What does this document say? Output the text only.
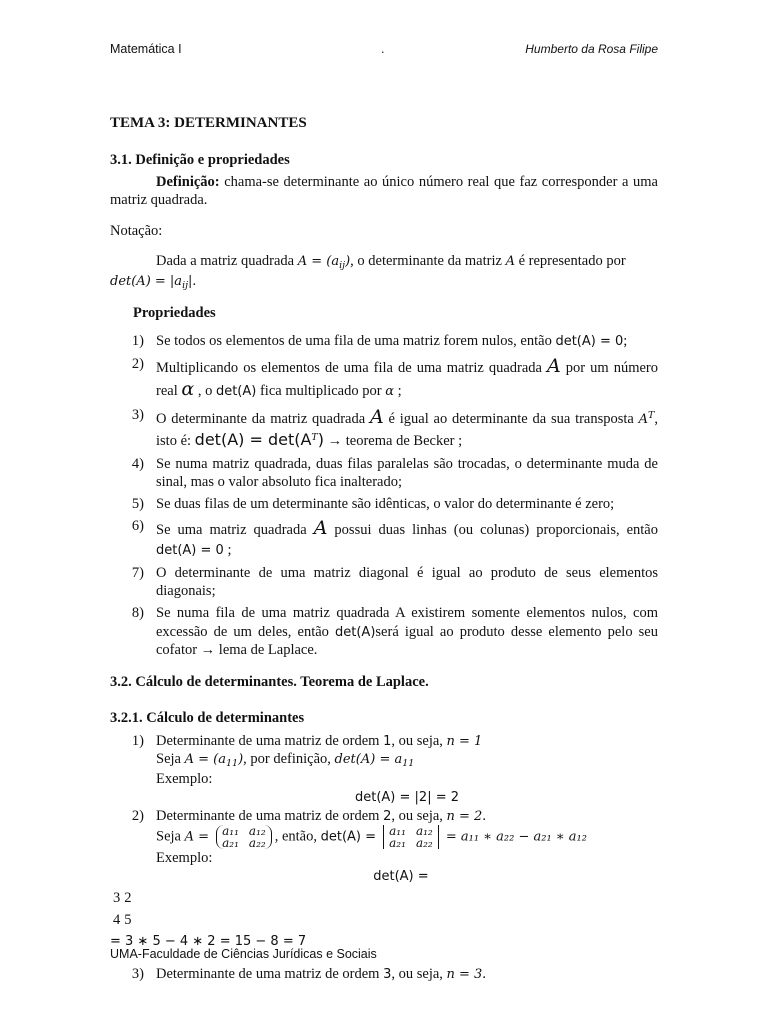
Matemática I	.	Humberto da Rosa Filipe

TEMA 3: DETERMINANTES

3.1. Definição e propriedades

Definição: chama-se determinante ao único número real que faz corresponder a uma matriz quadrada.

Notação:

Dada a matriz quadrada $A = (a_{ij})$, o determinante da matriz A é representado por

$\det(A) = |a_{ij}|$.

Propriedades

1) Se todos os elementos de uma fila de uma matriz forem nulos, então det(A) = 0;
2) Multiplicando os elementos de uma fila de uma matriz quadrada A por um número real α , o det(A) fica multiplicado por α ;
3) O determinante da matriz quadrada A é igual ao determinante da sua transposta $A^T$, isto é: $\det(A) = \det(A^T)$ → teorema de Becker ;
4) Se numa matriz quadrada, duas filas paralelas são trocadas, o determinante muda de sinal, mas o valor absoluto fica inalterado;
5) Se duas filas de um determinante são idênticas, o valor do determinante é zero;
6) Se uma matriz quadrada A possui duas linhas (ou colunas) proporcionais, então det(A) = 0 ;
7) O determinante de uma matriz diagonal é igual ao produto de seus elementos diagonais;
8) Se numa fila de uma matriz quadrada A existirem somente elementos nulos, com excessão de um deles, então det(A)será igual ao produto desse elemento pelo seu cofator → lema de Laplace.

3.2. Cálculo de determinantes. Teorema de Laplace.

3.2.1. Cálculo de determinantes

1) Determinante de uma matriz de ordem 1, ou seja, n = 1
Seja $A = (a_{11})$, por definição, $\det(A) = a_{11}$
Exemplo:

det(A) = |2| = 2

2) Determinante de uma matriz de ordem 2, ou seja, n = 2.
Seja A = a₁₁	a₁₂
a₂₁	a₂₂ , então, det(A) = a₁₁	a₁₂
a₂₁	a₂₂ = a₁₁ ∗ a₂₂ − a₂₁ ∗ a₁₂
Exemplo:

det(A) =

3	2
4	5
= 3 ∗ 5 − 4 ∗ 2 = 15 − 8 = 7

3) Determinante de uma matriz de ordem 3, ou seja, n = 3.
UMA-Faculdade de Ciências Jurídicas e Sociais
